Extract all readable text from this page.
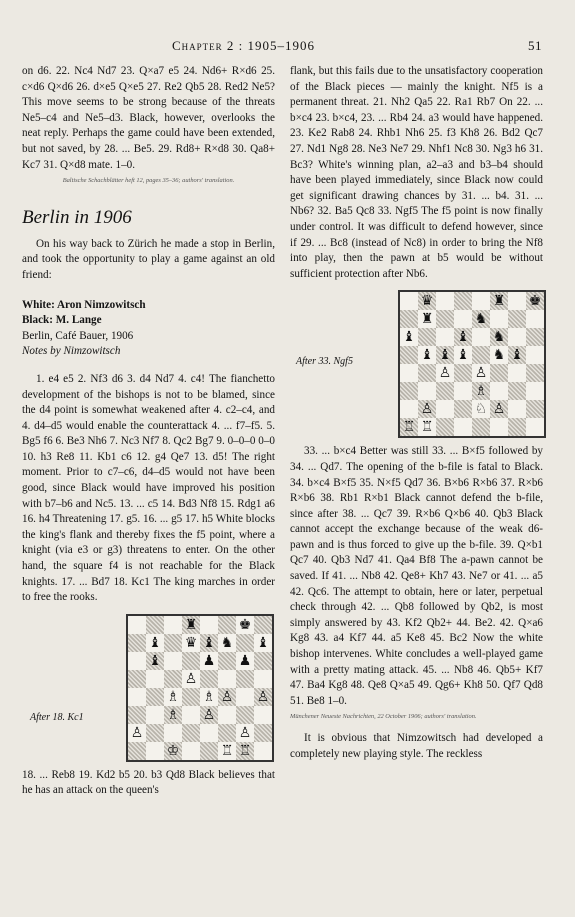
Chapter 2 : 1905–1906	51

on d6. 22. Nc4 Nd7 23. Q×a7 e5 24. Nd6+ R×d6 25. c×d6 Q×d6 26. d×e5 Q×e5 27. Re2 Qb5 28. Red2 Ne5? This move seems to be strong because of the threats Ne5–c4 and Ne5–d3. Black, however, overlooks the neat reply. Perhaps the game could have been extended, but not saved, by 28. ... Be5. 29. Rd8+ R×d8 30. Qa8+ Kc7 31. Q×d8 mate. 1–0.

Baltische Schachblätter heft 12, pages 35–36; authors' translation.

Berlin in 1906

On his way back to Zürich he made a stop in Berlin, and took the opportunity to play a game against an old friend:

White: Aron Nimzowitsch
Black: M. Lange
Berlin, Café Bauer, 1906
Notes by Nimzowitsch

1. e4 e5 2. Nf3 d6 3. d4 Nd7 4. c4! The fianchetto development of the bishops is not to be blamed, since the d4 point is somewhat weakened after 4. c2–c4, and 4. d4–d5 would enable the counterattack 4. ... f7–f5. 5. Bg5 f6 6. Be3 Nh6 7. Nc3 Nf7 8. Qc2 Bg7 9. 0–0–0 0–0 10. h3 Re8 11. Kb1 c6 12. g4 Qe7 13. d5! The right moment. Prior to c7–c6, d4–d5 would not have been good, since Black would have improved his position with b7–b6 and Nc5. 13. ... c5 14. Bd3 Nf8 15. Rdg1 a6 16. h4 Threatening 17. g5. 16. ... g5 17. h5 White blocks the king's flank and thereby fixes the f5 point, where a knight (via e3 or g3) threatens to enter. On the other hand, the square f4 is not reachable for the Black knights. 17. ... Bd7 18. Kc1 The king marches in order to free the rooks.

After 18. Kc1
♜	♚
♝ ♛ ♝ ♞ ♝
♝	♟ ♟
♙
♗ ♗ ♙ ♙
♗ ♙
♙	♙
♔	♖ ♖

18. ... Reb8 19. Kd2 b5 20. b3 Qd8 Black believes that he has an attack on the queen's

flank, but this fails due to the unsatisfactory cooperation of the Black pieces — mainly the knight. Nf5 is a permanent threat. 21. Nh2 Qa5 22. Ra1 Rb7 On 22. ... b×c4 23. b×c4, 23. ... Rb4 24. a3 would have happened. 23. Ke2 Rab8 24. Rhb1 Nh6 25. f3 Kh8 26. Bd2 Qc7 27. Nd1 Ng8 28. Ne3 Ne7 29. Nhf1 Nc8 30. Ng3 h6 31. Bc3? White's winning plan, a2–a3 and b3–b4 should have been played immediately, since Black now could get significant drawing chances by 31. ... b4. 31. ... Nb6? 32. Ba5 Qc8 33. Ngf5 The f5 point is now finally under control. It was difficult to defend however, since if 29. ... Bc8 (instead of Nc8) in order to bring the Nf8 into play, then the pawn at b5 would be without sufficient protection after Nb6.

After 33. Ngf5
♛	♜ ♚
♜	♞
♝	♝ ♞
♝ ♝ ♝ ♞ ♝
♙ ♙
♗
♙	♘ ♙
♖ ♖

33. ... b×c4 Better was still 33. ... B×f5 followed by 34. ... Qd7. The opening of the b-file is fatal to Black. 34. b×c4 B×f5 35. N×f5 Qd7 36. B×b6 R×b6 37. R×b6 R×b6 38. Rb1 R×b1 Black cannot defend the b-file, since after 38. ... Qc7 39. R×b6 Q×b6 40. Qb3 Black cannot accept the exchange because of the weak d6-pawn and is thus forced to give up the b-file. 39. Q×b1 Qc7 40. Qb3 Nd7 41. Qa4 Bf8 The a-pawn cannot be saved. If 41. ... Nb8 42. Qe8+ Kh7 43. Ne7 or 41. ... a5 42. Qc6. The attempt to obtain, here or later, perpetual check through 42. ... Qb8 followed by Qb2, is most simply answered by 43. Kf2 Qb2+ 44. Be2. 42. Q×a6 Kg8 43. a4 Kf7 44. a5 Ke8 45. Bc2 Now the white bishop intervenes. White concludes a well-played game with a pretty mating attack. 45. ... Nb8 46. Qb5+ Kf7 47. Ba4 Kg8 48. Qe8 Q×a5 49. Qg6+ Kh8 50. Qf7 Qd8 51. Be8 1–0.

Münchener Neueste Nachrichten, 22 October 1906; authors' translation.

It is obvious that Nimzowitsch had developed a completely new playing style. The reckless
